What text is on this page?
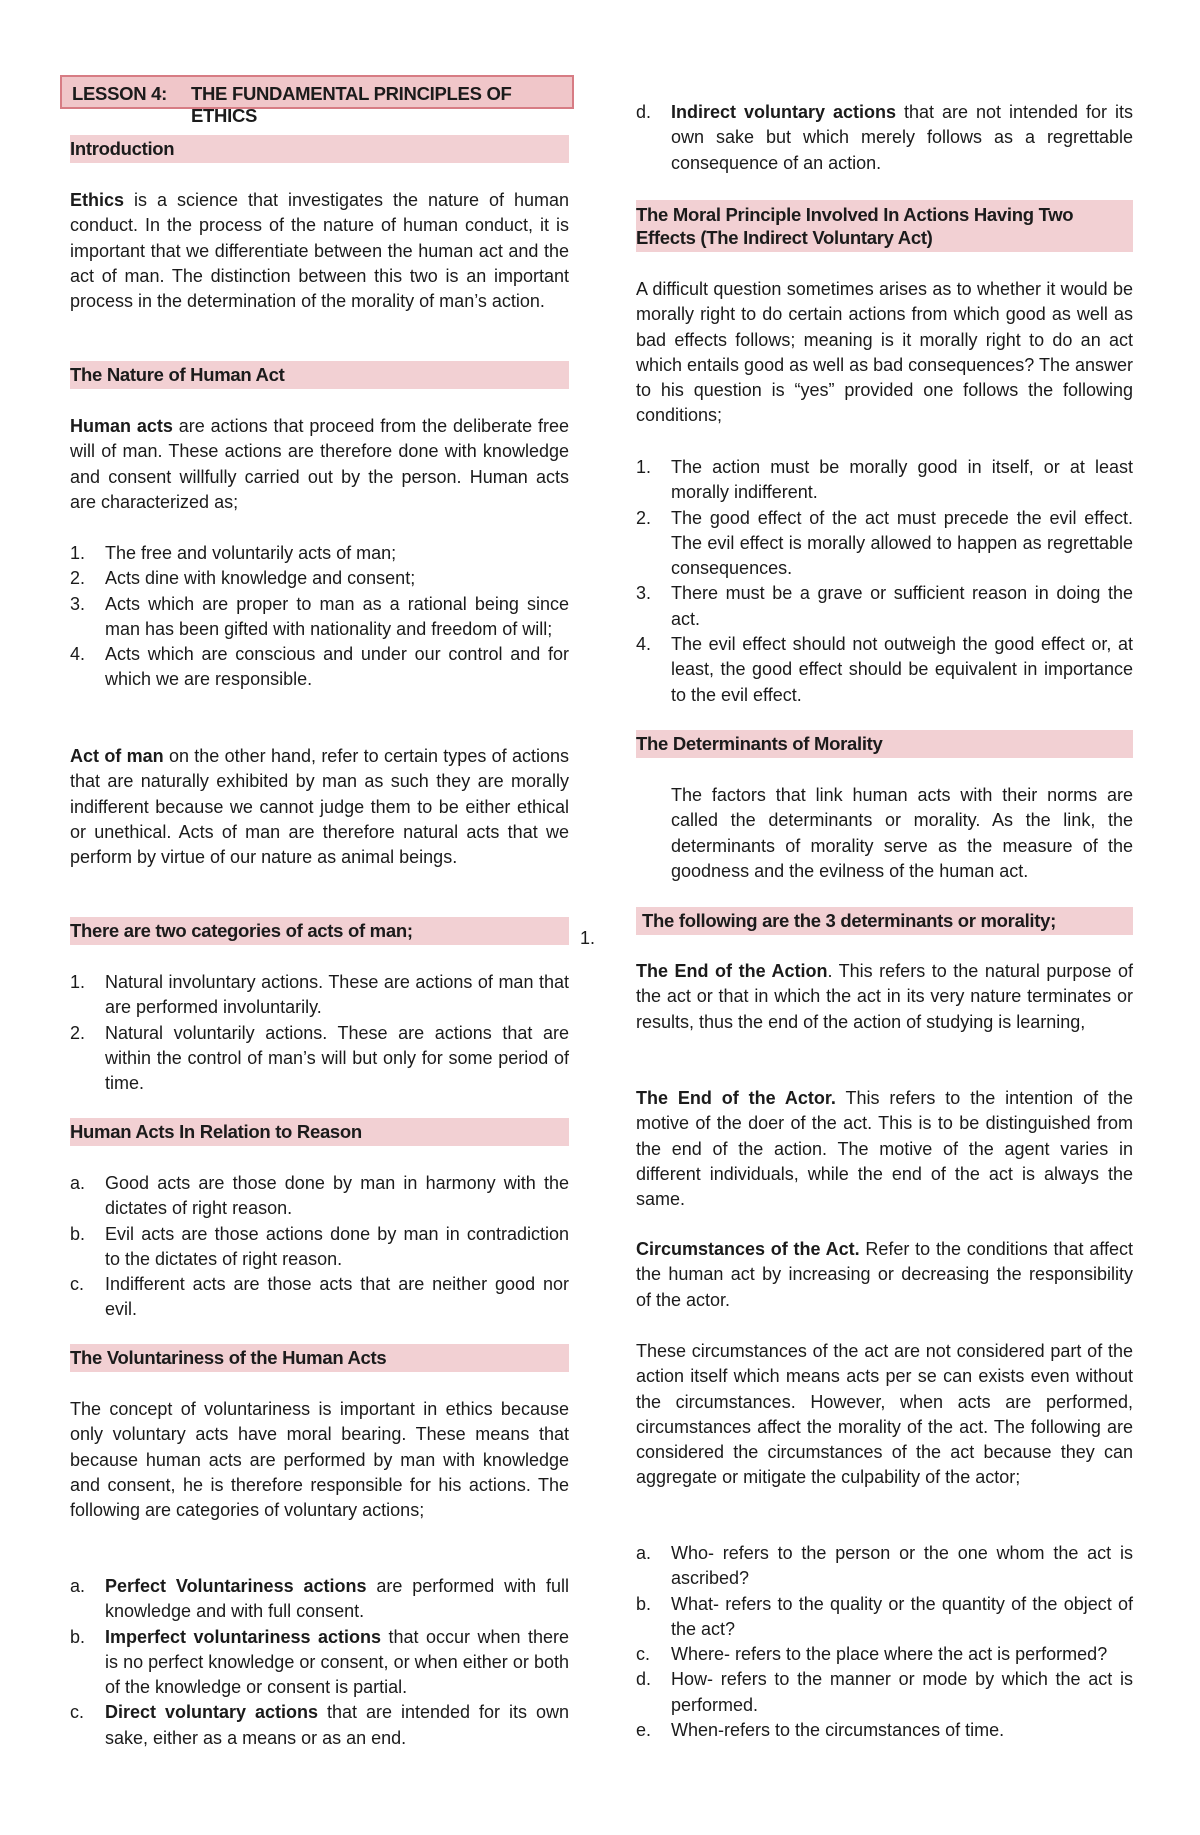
LESSON 4: THE FUNDAMENTAL PRINCIPLES OF ETHICS
Introduction

Ethics is a science that investigates the nature of human conduct. In the process of the nature of human conduct, it is important that we differentiate between the human act and the act of man. The distinction between this two is an important process in the determination of the morality of man’s action.

The Nature of Human Act

Human acts are actions that proceed from the deliberate free will of man. These actions are therefore done with knowledge and consent willfully carried out by the person. Human acts are characterized as;

1. The free and voluntarily acts of man;
2. Acts dine with knowledge and consent;
3. Acts which are proper to man as a rational being since man has been gifted with nationality and freedom of will;
4. Acts which are conscious and under our control and for which we are responsible.

Act of man on the other hand, refer to certain types of actions that are naturally exhibited by man as such they are morally indifferent because we cannot judge them to be either ethical or unethical. Acts of man are therefore natural acts that we perform by virtue of our nature as animal beings.

There are two categories of acts of man;
1. Natural involuntary actions. These are actions of man that are performed involuntarily.
2. Natural voluntarily actions. These are actions that are within the control of man’s will but only for some period of time.
Human Acts In Relation to Reason
a. Good acts are those done by man in harmony with the dictates of right reason.
b. Evil acts are those actions done by man in contradiction to the dictates of right reason.
c. Indifferent acts are those acts that are neither good nor evil.
The Voluntariness of the Human Acts

The concept of voluntariness is important in ethics because only voluntary acts have moral bearing. These means that because human acts are performed by man with knowledge and consent, he is therefore responsible for his actions. The following are categories of voluntary actions;

a. Perfect Voluntariness actions are performed with full knowledge and with full consent.
b. Imperfect voluntariness actions that occur when there is no perfect knowledge or consent, or when either or both of the knowledge or consent is partial.
c. Direct voluntary actions that are intended for its own sake, either as a means or as an end.
1.
d. Indirect voluntary actions that are not intended for its own sake but which merely follows as a regrettable consequence of an action.
The Moral Principle Involved In Actions Having Two Effects (The Indirect Voluntary Act)

A difficult question sometimes arises as to whether it would be morally right to do certain actions from which good as well as bad effects follows; meaning is it morally right to do an act which entails good as well as bad consequences? The answer to his question is “yes” provided one follows the following conditions;

1. The action must be morally good in itself, or at least morally indifferent.
2. The good effect of the act must precede the evil effect. The evil effect is morally allowed to happen as regrettable consequences.
3. There must be a grave or sufficient reason in doing the act.
4. The evil effect should not outweigh the good effect or, at least, the good effect should be equivalent in importance to the evil effect.
The Determinants of Morality

The factors that link human acts with their norms are called the determinants or morality. As the link, the determinants of morality serve as the measure of the goodness and the evilness of the human act.

The following are the 3 determinants or morality;

The End of the Action. This refers to the natural purpose of the act or that in which the act in its very nature terminates or results, thus the end of the action of studying is learning,

The End of the Actor. This refers to the intention of the motive of the doer of the act. This is to be distinguished from the end of the action. The motive of the agent varies in different individuals, while the end of the act is always the same.

Circumstances of the Act. Refer to the conditions that affect the human act by increasing or decreasing the responsibility of the actor.

These circumstances of the act are not considered part of the action itself which means acts per se can exists even without the circumstances. However, when acts are performed, circumstances affect the morality of the act. The following are considered the circumstances of the act because they can aggregate or mitigate the culpability of the actor;

a. Who- refers to the person or the one whom the act is ascribed?
b. What- refers to the quality or the quantity of the object of the act?
c. Where- refers to the place where the act is performed?
d. How- refers to the manner or mode by which the act is performed.
e. When-refers to the circumstances of time.
